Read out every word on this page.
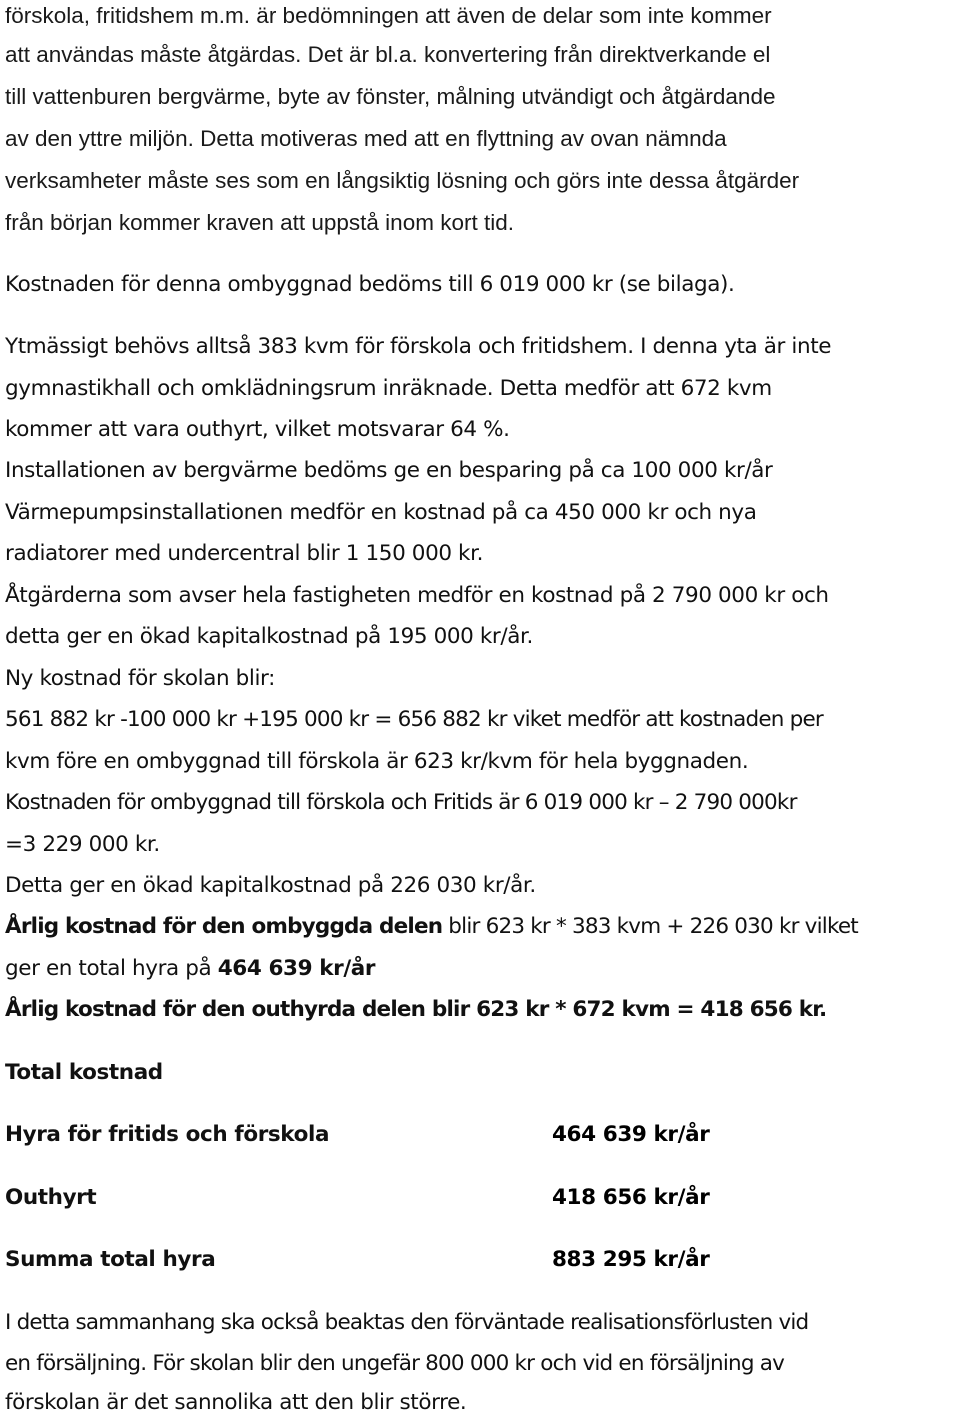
förskola, fritidshem m.m. är bedömningen att även de delar som inte kommer
att användas måste åtgärdas. Det är bl.a. konvertering från direktverkande el
till vattenburen bergvärme, byte av fönster, målning utvändigt och åtgärdande
av den yttre miljön. Detta motiveras med att en flyttning av ovan nämnda
verksamheter måste ses som en långsiktig lösning och görs inte dessa åtgärder
från början kommer kraven att uppstå inom kort tid.
Kostnaden för denna ombyggnad bedöms till 6 019 000 kr (se bilaga).
Ytmässigt behövs alltså 383 kvm för förskola och fritidshem. I denna yta är inte
gymnastikhall och omklädningsrum inräknade. Detta medför att 672 kvm
kommer att vara outhyrt, vilket motsvarar 64 %.
Installationen av bergvärme bedöms ge en besparing på ca 100 000 kr/år
Värmepumpsinstallationen medför en kostnad på ca 450 000 kr och nya
radiatorer med undercentral blir 1 150 000 kr.
Åtgärderna som avser hela fastigheten medför en kostnad på 2 790 000 kr och
detta ger en ökad kapitalkostnad på 195 000 kr/år.
Ny kostnad för skolan blir:
561 882 kr -100 000 kr +195 000 kr = 656 882 kr viket medför att kostnaden per
kvm före en ombyggnad till förskola är 623 kr/kvm för hela byggnaden.
Kostnaden för ombyggnad till förskola och Fritids är 6 019 000 kr – 2 790 000kr
=3 229 000 kr.
Detta ger en ökad kapitalkostnad på 226 030 kr/år.
Årlig kostnad för den ombyggda delen blir 623 kr * 383 kvm + 226 030 kr vilket
ger en total hyra på 464 639 kr/år
Årlig kostnad för den outhyrda delen blir 623 kr * 672 kvm = 418 656 kr.
Total kostnad
Hyra för fritids och förskola	464 639 kr/år
Outhyrt	418 656 kr/år
Summa total hyra	883 295 kr/år
I detta sammanhang ska också beaktas den förväntade realisationsförlusten vid
en försäljning. För skolan blir den ungefär 800 000 kr och vid en försäljning av
förskolan är det sannolika att den blir större.
